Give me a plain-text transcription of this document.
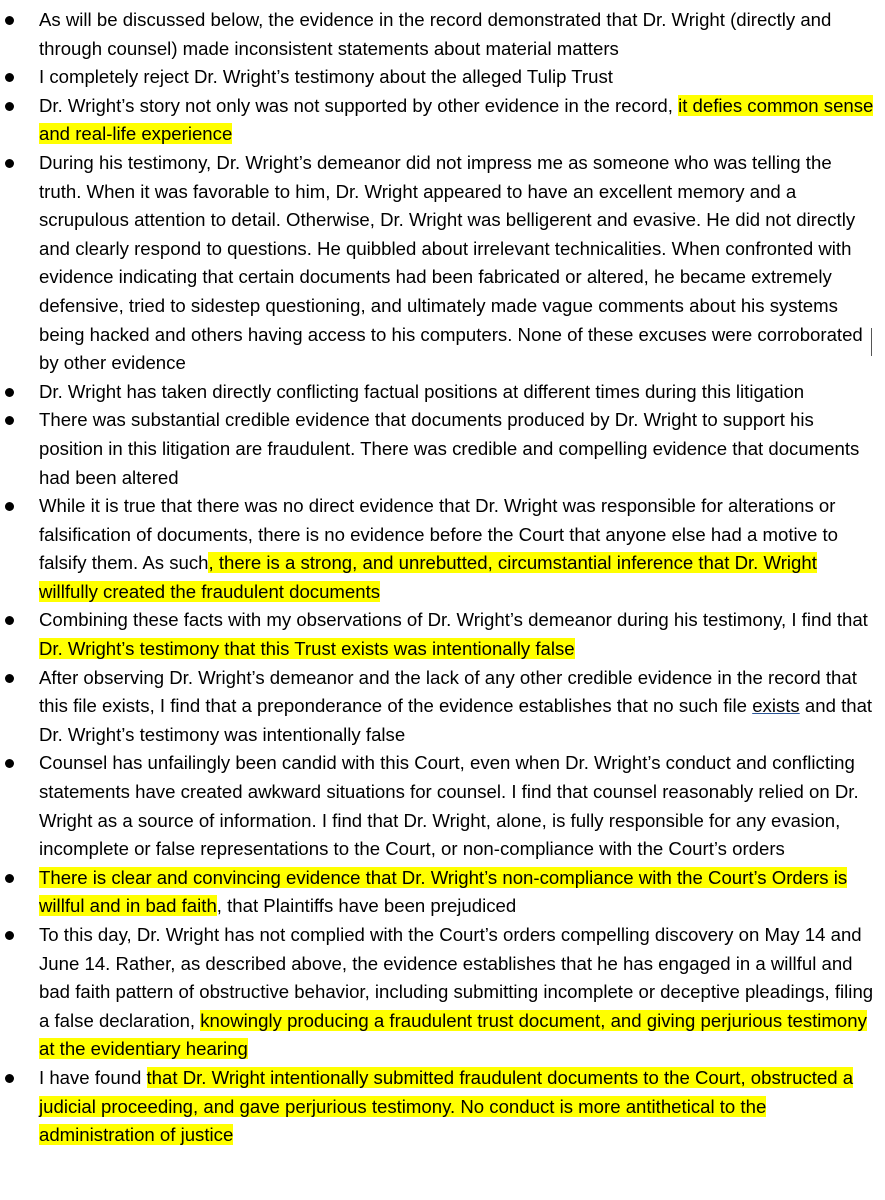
As will be discussed below, the evidence in the record demonstrated that Dr. Wright (directly and through counsel) made inconsistent statements about material matters
I completely reject Dr. Wright’s testimony about the alleged Tulip Trust
Dr. Wright’s story not only was not supported by other evidence in the record, it defies common sense and real-life experience
During his testimony, Dr. Wright’s demeanor did not impress me as someone who was telling the truth. When it was favorable to him, Dr. Wright appeared to have an excellent memory and a scrupulous attention to detail. Otherwise, Dr. Wright was belligerent and evasive. He did not directly and clearly respond to questions. He quibbled about irrelevant technicalities. When confronted with evidence indicating that certain documents had been fabricated or altered, he became extremely defensive, tried to sidestep questioning, and ultimately made vague comments about his systems being hacked and others having access to his computers. None of these excuses were corroborated by other evidence
Dr. Wright has taken directly conflicting factual positions at different times during this litigation
There was substantial credible evidence that documents produced by Dr. Wright to support his position in this litigation are fraudulent. There was credible and compelling evidence that documents had been altered
While it is true that there was no direct evidence that Dr. Wright was responsible for alterations or falsification of documents, there is no evidence before the Court that anyone else had a motive to falsify them. As such, there is a strong, and unrebutted, circumstantial inference that Dr. Wright willfully created the fraudulent documents
Combining these facts with my observations of Dr. Wright’s demeanor during his testimony, I find that Dr. Wright’s testimony that this Trust exists was intentionally false
After observing Dr. Wright’s demeanor and the lack of any other credible evidence in the record that this file exists, I find that a preponderance of the evidence establishes that no such file exists and that Dr. Wright’s testimony was intentionally false
Counsel has unfailingly been candid with this Court, even when Dr. Wright’s conduct and conflicting statements have created awkward situations for counsel. I find that counsel reasonably relied on Dr. Wright as a source of information. I find that Dr. Wright, alone, is fully responsible for any evasion, incomplete or false representations to the Court, or non-compliance with the Court’s orders
There is clear and convincing evidence that Dr. Wright’s non-compliance with the Court’s Orders is willful and in bad faith, that Plaintiffs have been prejudiced
To this day, Dr. Wright has not complied with the Court’s orders compelling discovery on May 14 and June 14. Rather, as described above, the evidence establishes that he has engaged in a willful and bad faith pattern of obstructive behavior, including submitting incomplete or deceptive pleadings, filing a false declaration, knowingly producing a fraudulent trust document, and giving perjurious testimony at the evidentiary hearing
I have found that Dr. Wright intentionally submitted fraudulent documents to the Court, obstructed a judicial proceeding, and gave perjurious testimony. No conduct is more antithetical to the administration of justice
